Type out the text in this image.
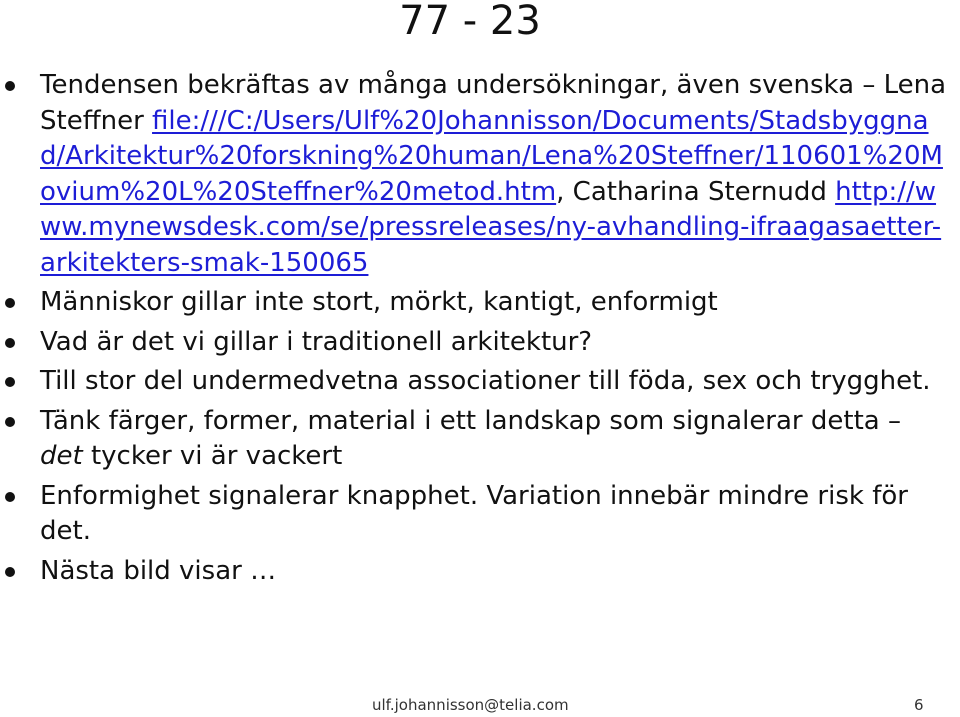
77 - 23
Tendensen bekräftas av många undersökningar, även svenska – Lena Steffner file:///C:/Users/Ulf%20Johannisson/Documents/Stadsbyggnad/Arkitektur%20forskning%20human/Lena%20Steffner/110601%20Movium%20L%20Steffner%20metod.htm, Catharina Sternudd http://www.mynewsdesk.com/se/pressreleases/ny-avhandling-ifraagasaetter-arkitekters-smak-150065
Människor gillar inte stort, mörkt, kantigt, enformigt
Vad är det vi gillar i traditionell arkitektur?
Till stor del undermedvetna associationer till föda, sex och trygghet.
Tänk färger, former, material i ett landskap som signalerar detta – det tycker vi är vackert
Enformighet signalerar knapphet. Variation innebär mindre risk för det.
Nästa bild visar …
ulf.johannisson@telia.com	6
